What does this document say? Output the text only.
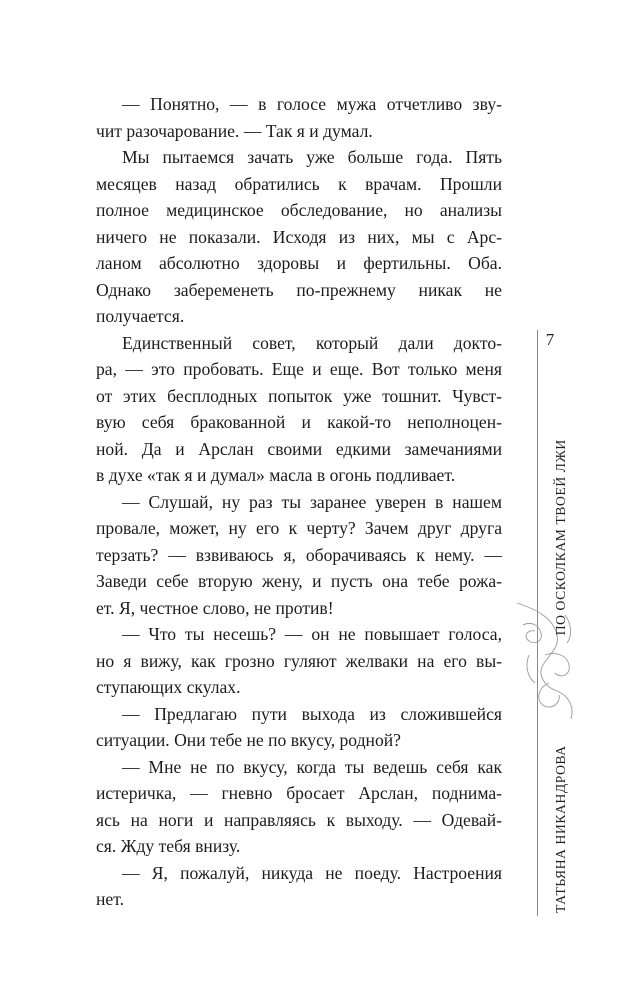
— Понятно, — в голосе мужа отчетливо зву-
чит разочарование. — Так я и думал.
Мы пытаемся зачать уже больше года. Пять
месяцев назад обратились к врачам. Прошли
полное медицинское обследование, но анализы
ничего не показали. Исходя из них, мы с Арс-
ланом абсолютно здоровы и фертильны. Оба.
Однако забеременеть по-прежнему никак не
получается.
Единственный совет, который дали докто-
ра, — это пробовать. Еще и еще. Вот только меня
от этих бесплодных попыток уже тошнит. Чувст-
вую себя бракованной и какой-то неполноцен-
ной. Да и Арслан своими едкими замечаниями
в духе «так я и думал» масла в огонь подливает.
— Слушай, ну раз ты заранее уверен в нашем
провале, может, ну его к черту? Зачем друг друга
терзать? — взвиваюсь я, оборачиваясь к нему. —
Заведи себе вторую жену, и пусть она тебе рожа-
ет. Я, честное слово, не против!
— Что ты несешь? — он не повышает голоса,
но я вижу, как грозно гуляют желваки на его вы-
ступающих скулах.
— Предлагаю пути выхода из сложившейся
ситуации. Они тебе не по вкусу, родной?
— Мне не по вкусу, когда ты ведешь себя как
истеричка, — гневно бросает Арслан, поднима-
ясь на ноги и направляясь к выходу. — Одевай-
ся. Жду тебя внизу.
— Я, пожалуй, никуда не поеду. Настроения
нет.
7
ТАТЬЯНА НИКАНДРОВАПО ОСКОЛКАМ ТВОЕЙ ЛЖИ
